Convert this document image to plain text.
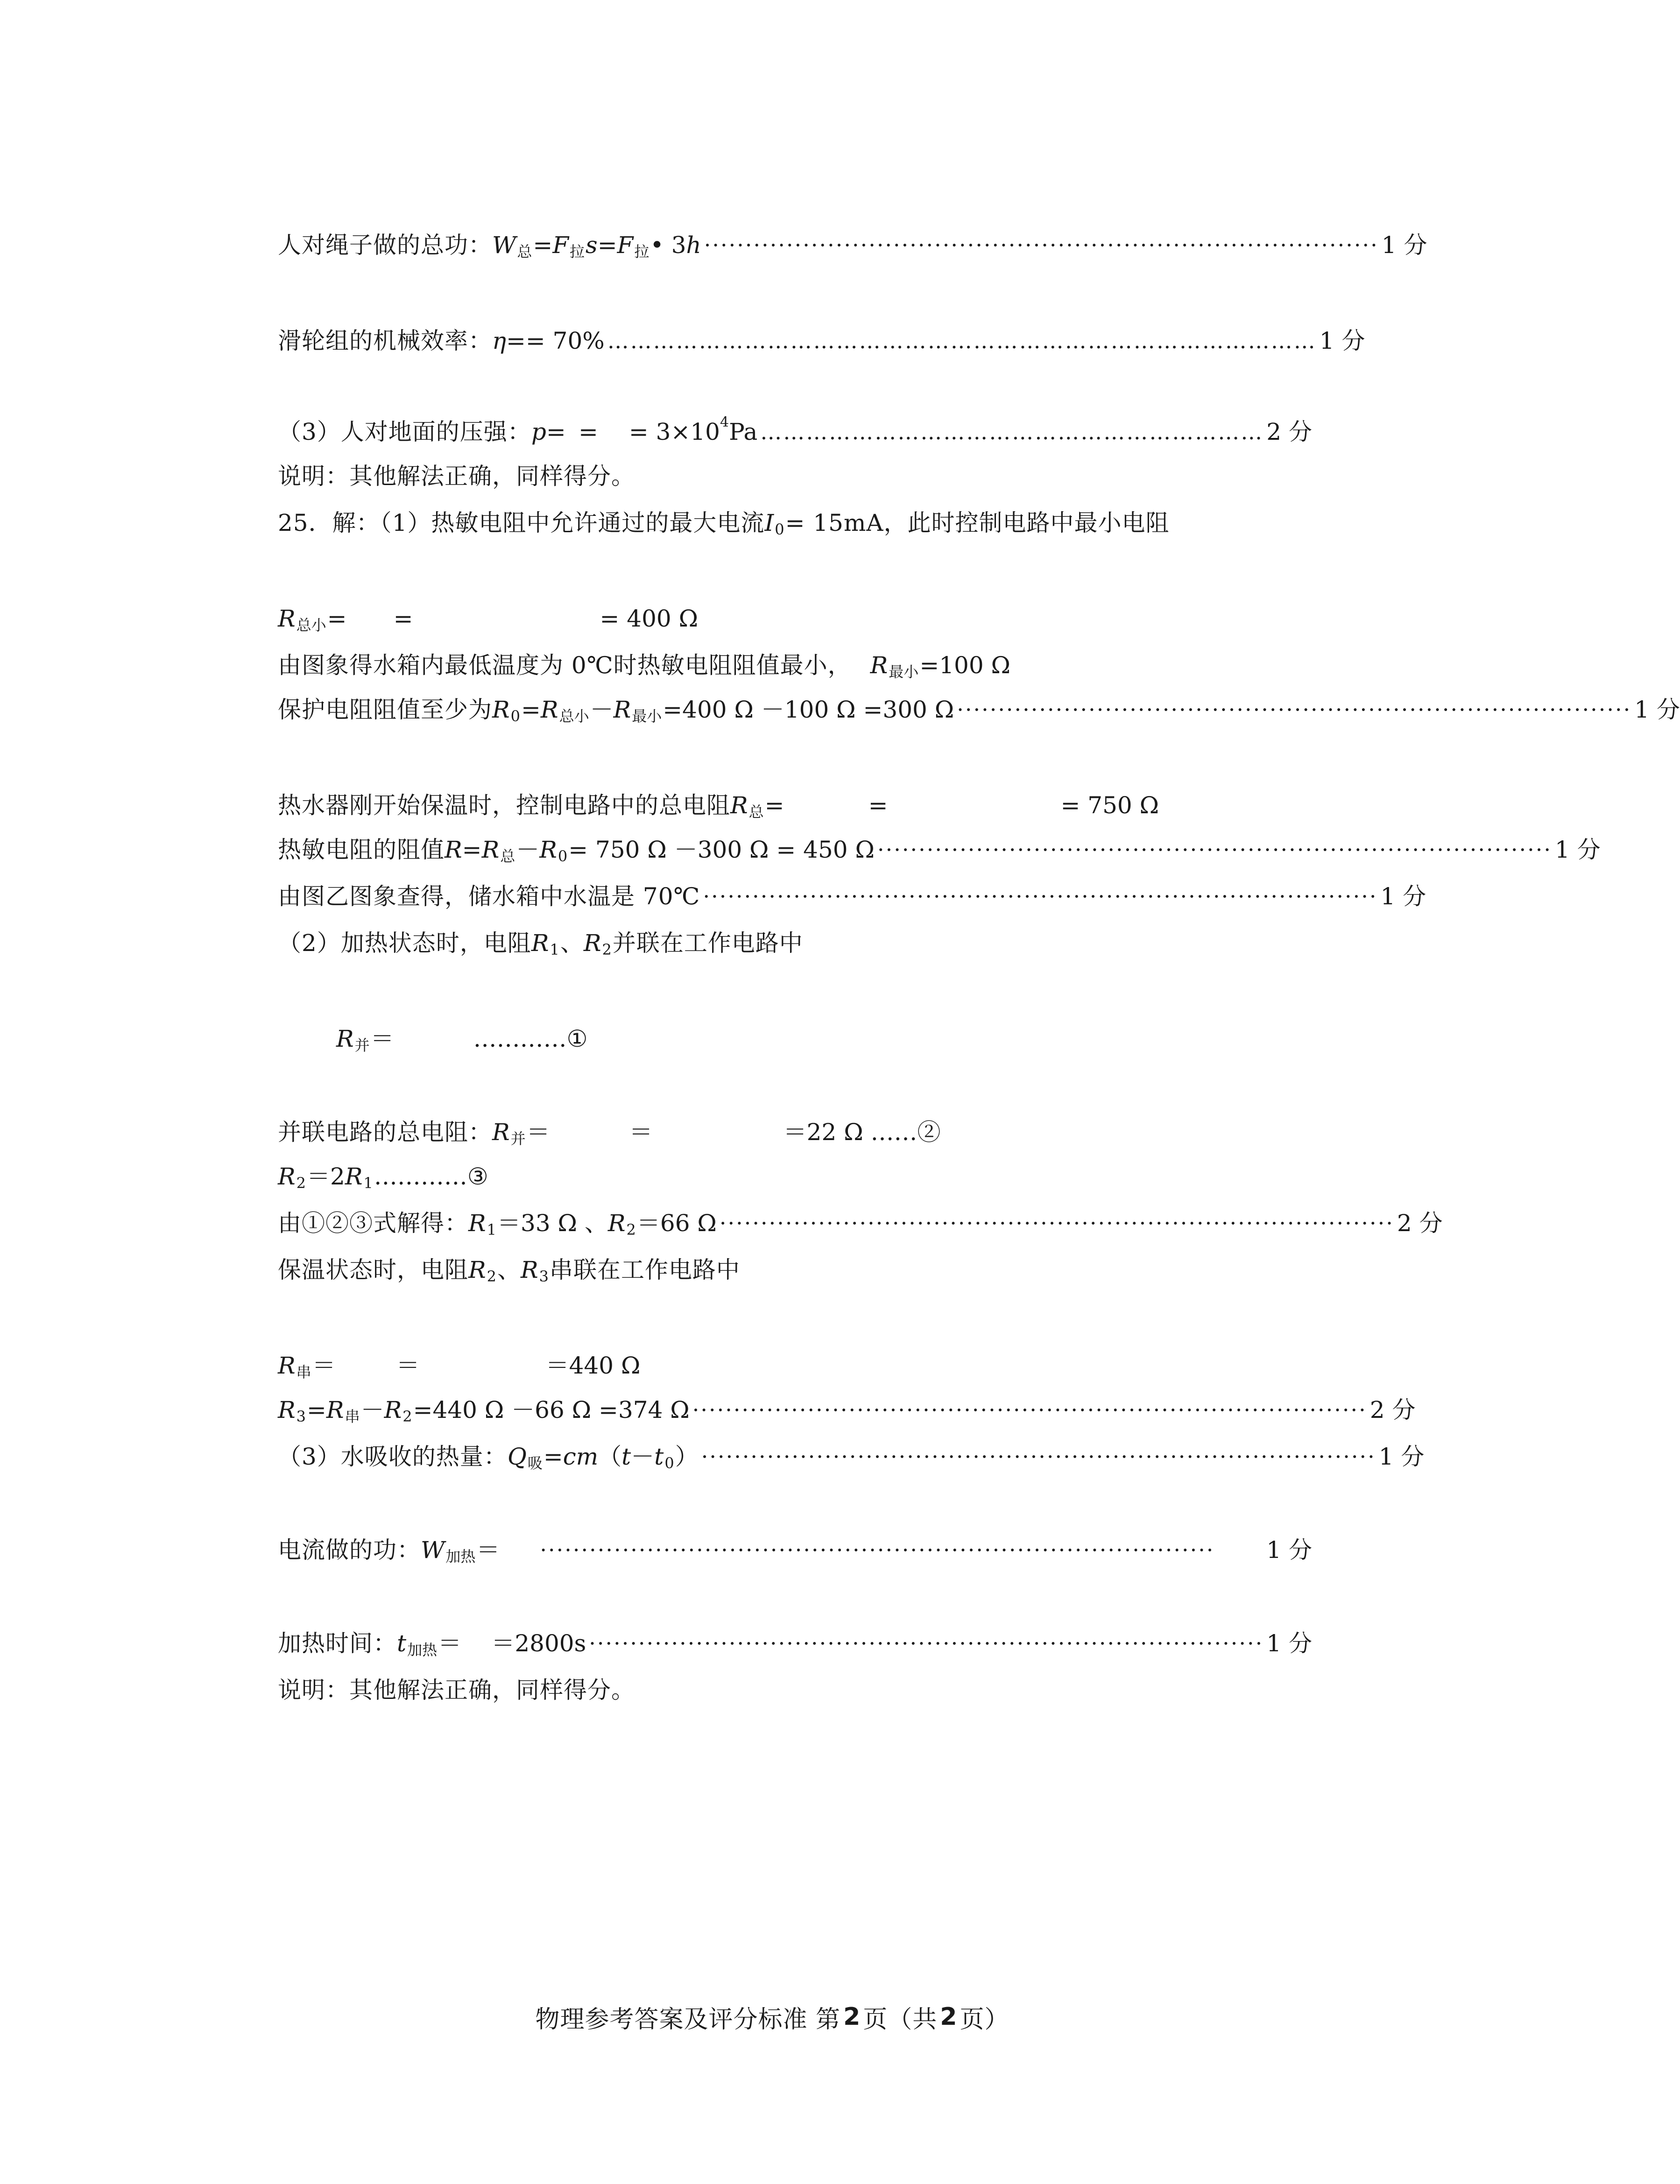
人对绳子做的总功： W 总 = F 拉 s = F 拉 • 3 h ·················································································· 1 分
滑轮组的机械效率： η = = 70% ………………………………………………………………………………… 1 分
（3）人对地面的压强： p = = = 3×10 4 Pa ………………………………………………………… 2 分
说明：其他解法正确，同样得分。
25．解：（1）热敏电阻中允许通过的最大电流 I 0 = 15mA，此时控制电路中最小电阻
R 总小 = =	= 400 Ω
由图象得水箱内最低温度为 0℃时热敏电阻阻值最小， R 最小 =100 Ω
保护电阻阻值至少为 R 0 = R 总小 － R 最小 =400 Ω －100 Ω =300 Ω ·················································································· 1 分
热水器刚开始保温时，控制电路中的总电阻 R 总 =	=	= 750 Ω
热敏电阻的阻值 R = R 总 － R 0 = 750 Ω －300 Ω = 450 Ω ·················································································· 1 分
由图乙图象查得，储水箱中水温是 70℃ ·················································································· 1 分
（2）加热状态时，电阻 R 1 、 R 2 并联在工作电路中
R 并 ＝	…………①
并联电路的总电阻： R 并 ＝	＝	＝22 Ω ……②
R 2 ＝2 R 1 …………③
由①②③式解得： R 1 ＝33 Ω 、 R 2 ＝66 Ω ·················································································· 2 分
保温状态时，电阻 R 2 、 R 3 串联在工作电路中
R 串 ＝	＝	＝440 Ω
R 3 = R 串 － R 2 =440 Ω －66 Ω =374 Ω ·················································································· 2 分
（3）水吸收的热量： Q 吸 = cm （ t － t 0 ） ·················································································· 1 分
电流做的功： W 加热 ＝ ··················································································	1 分
加热时间： t 加热 ＝ ＝2800s ·················································································· 1 分
说明：其他解法正确，同样得分。
物理参考答案及评分标准 第 2 页（共 2 页）
